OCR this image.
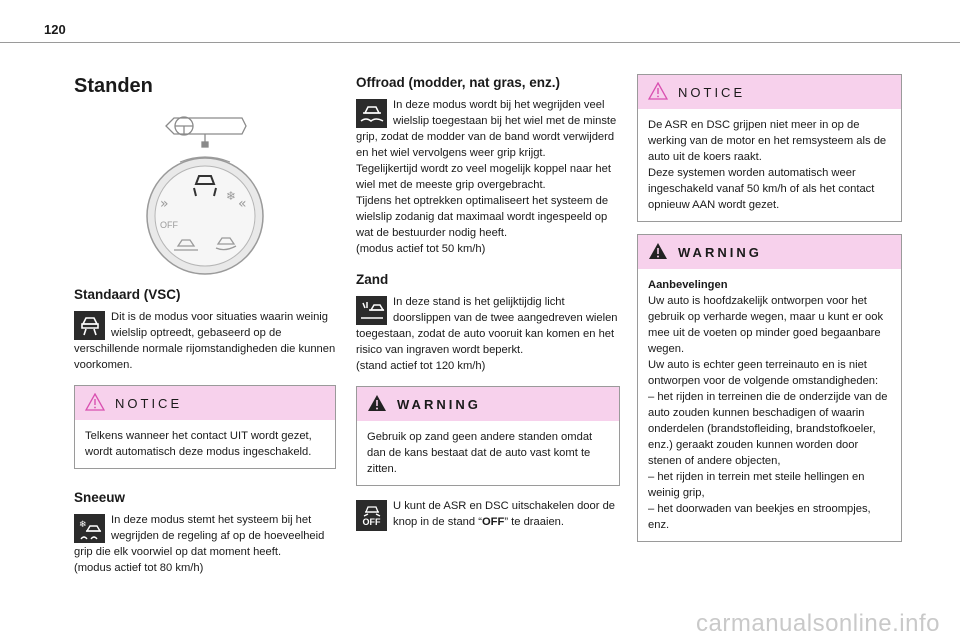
120
Standen
❄
»	«
OFF
Standaard (VSC)

Dit is de modus voor situaties waarin weinig wielslip optreedt, gebaseerd op de verschillende normale rijomstandigheden die kunnen voorkomen.

NOTICE
Telkens wanneer het contact UIT wordt gezet, wordt automatisch deze modus ingeschakeld.
Sneeuw
❄	In deze modus stemt het systeem bij het wegrijden de regeling af op de hoeveelheid grip die elk voorwiel op dat moment heeft.
(modus actief tot 80 km/h)

Offroad (modder, nat gras, enz.)

In deze modus wordt bij het wegrijden veel wielslip toegestaan bij het wiel met de minste grip, zodat de modder van de band wordt verwijderd en het wiel vervolgens weer grip krijgt.
Tegelijkertijd wordt zo veel mogelijk koppel naar het wiel met de meeste grip overgebracht.
Tijdens het optrekken optimaliseert het systeem de wielslip zodanig dat maximaal wordt ingespeeld op wat de bestuurder nodig heeft.
(modus actief tot 50 km/h)

Zand

In deze stand is het gelijktijdig licht doorslippen van de twee aangedreven wielen toegestaan, zodat de auto vooruit kan komen en het risico van ingraven wordt beperkt.
(stand actief tot 120 km/h)

WARNING
Gebruik op zand geen andere standen omdat dan de kans bestaat dat de auto vast komt te zitten.
OFF

U kunt de ASR en DSC uitschakelen door de knop in de stand “OFF” te draaien.

NOTICE
De ASR en DSC grijpen niet meer in op de werking van de motor en het remsysteem als de auto uit de koers raakt.
Deze systemen worden automatisch weer ingeschakeld vanaf 50 km/h of als het contact opnieuw AAN wordt gezet.
WARNING
Aanbevelingen
Uw auto is hoofdzakelijk ontworpen voor het gebruik op verharde wegen, maar u kunt er ook mee uit de voeten op minder goed begaanbare wegen.
Uw auto is echter geen terreinauto en is niet ontworpen voor de volgende omstandigheden:
– het rijden in terreinen die de onderzijde van de auto zouden kunnen beschadigen of waarin onderdelen (brandstofleiding, brandstofkoeler, enz.) geraakt zouden kunnen worden door stenen of andere objecten,
– het rijden in terrein met steile hellingen en weinig grip,
– het doorwaden van beekjes en stroompjes, enz.
carmanualsonline.info
